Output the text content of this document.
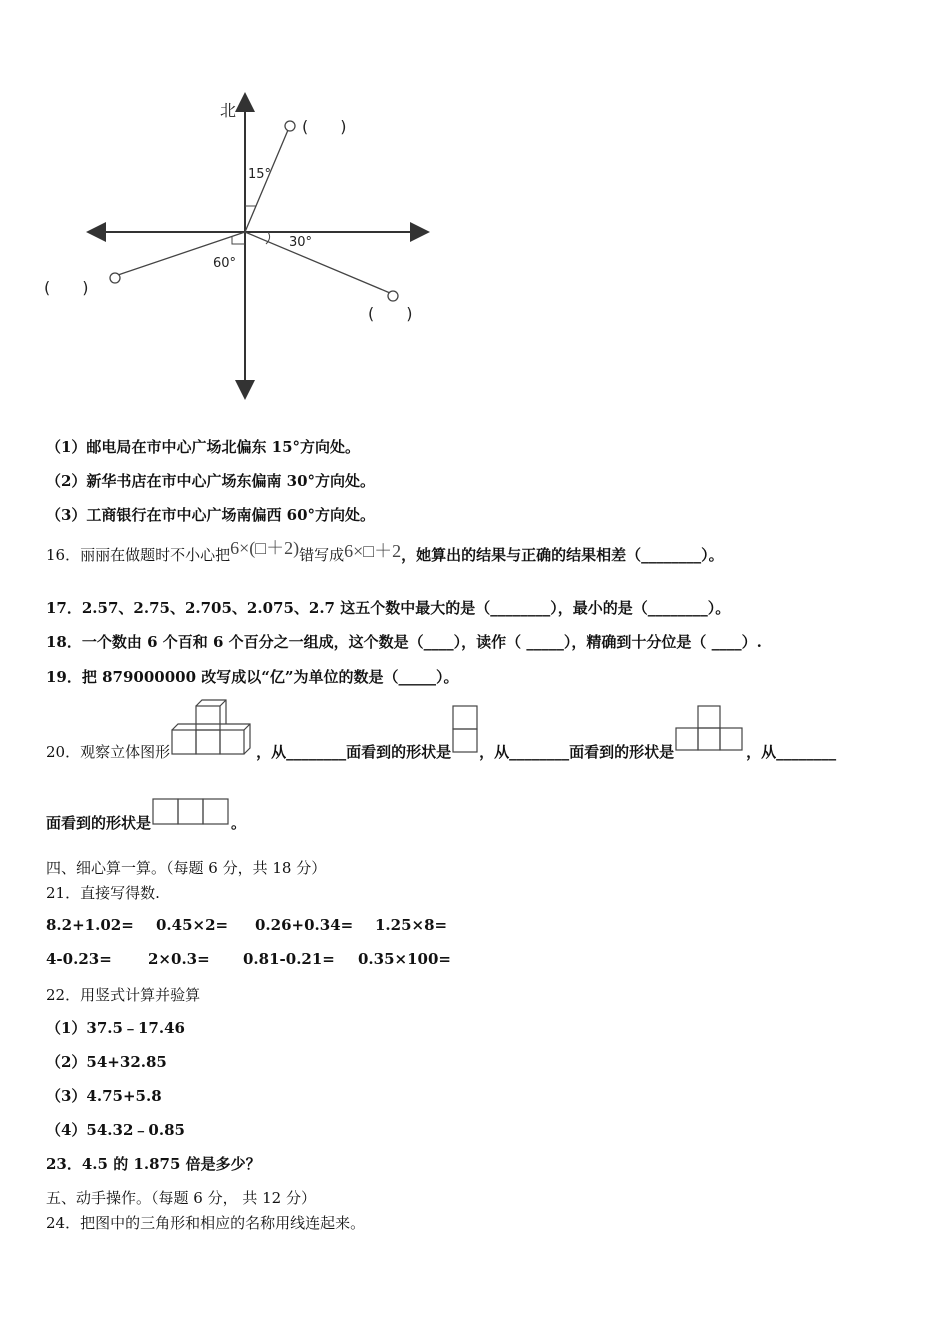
北
15°
30°
60°
(　　)
(　　)
(　　)
（1）邮电局在市中心广场北偏东 15°方向处。
（2）新华书店在市中心广场东偏南 30°方向处。
（3）工商银行在市中心广场南偏西 60°方向处。
16．丽丽在做题时不小心把6×(□＋2)错写成6×□＋2，她算出的结果与正确的结果相差（________）。
17．2.57、2.75、2.705、2.075、2.7 这五个数中最大的是（________），最小的是（________）。
18．一个数由 6 个百和 6 个百分之一组成，这个数是（____），读作（ _____），精确到十分位是（ ____）.
19．把 879000000 改写成以“亿”为单位的数是（_____）。
20．观察立体图形	，从________面看到的形状是 ，从________面看到的形状是	，从________
面看到的形状是	。
四、细心算一算。（每题 6 分，共 18 分）
21．直接写得数.
8.2+1.02=	0.45×2=	0.26+0.34=	1.25×8=
4-0.23=	2×0.3=	0.81-0.21=	0.35×100=
22．用竖式计算并验算
（1）37.5﹣17.46
（2）54+32.85
（3）4.75+5.8
（4）54.32﹣0.85
23．4.5 的 1.875 倍是多少？
五、动手操作。（每题 6 分， 共 12 分）
24．把图中的三角形和相应的名称用线连起来。
